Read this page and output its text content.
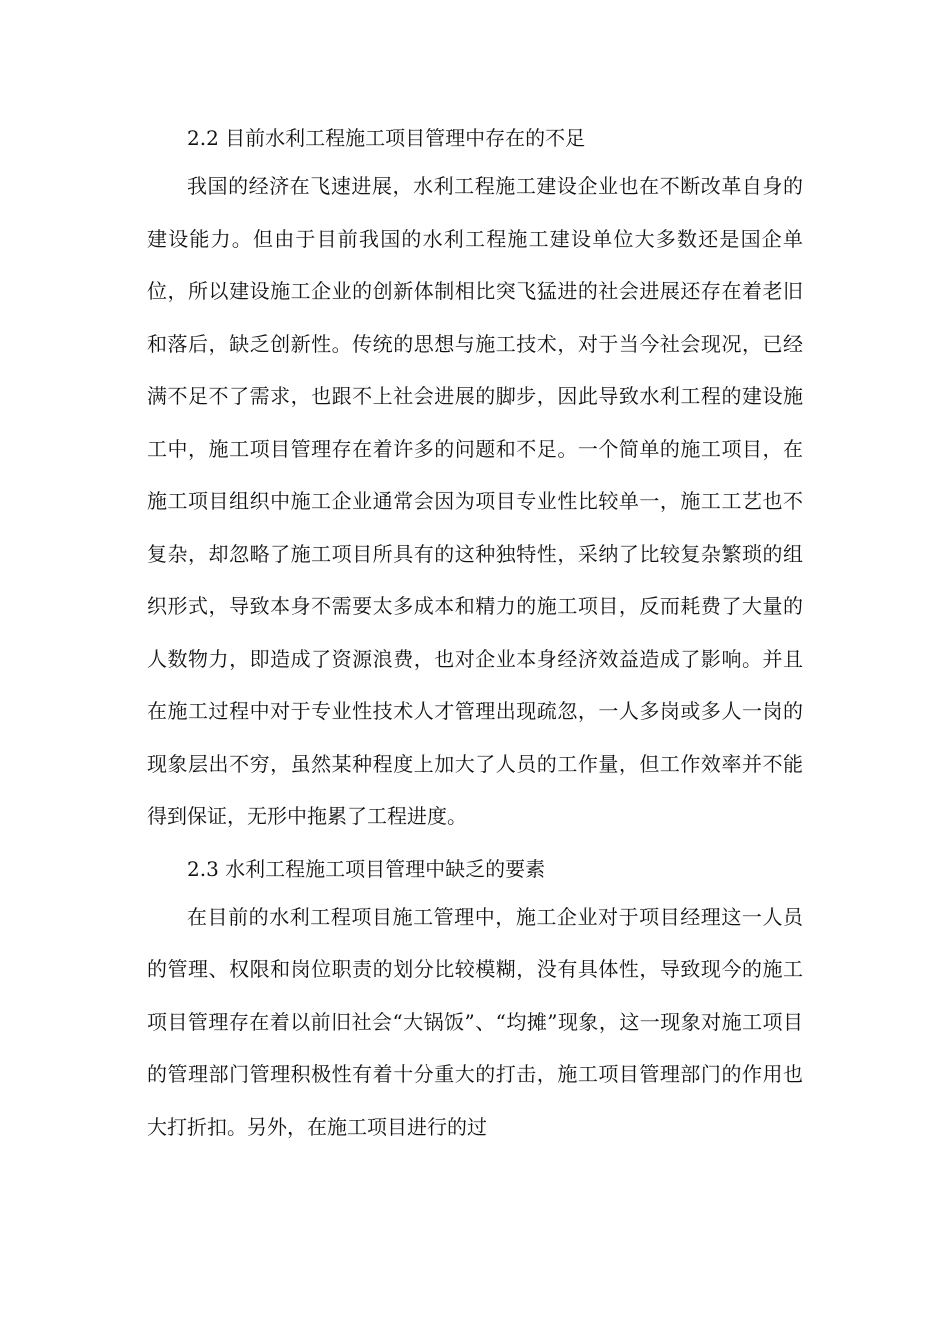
2.2 目前水利工程施工项目管理中存在的不足

我国的经济在飞速进展，水利工程施工建设企业也在不断改革自身的建设能力。但由于目前我国的水利工程施工建设单位大多数还是国企单位，所以建设施工企业的创新体制相比突飞猛进的社会进展还存在着老旧和落后，缺乏创新性。传统的思想与施工技术，对于当今社会现况，已经满不足不了需求，也跟不上社会进展的脚步，因此导致水利工程的建设施工中，施工项目管理存在着许多的问题和不足。一个简单的施工项目，在施工项目组织中施工企业通常会因为项目专业性比较单一，施工工艺也不复杂，却忽略了施工项目所具有的这种独特性，采纳了比较复杂繁琐的组织形式，导致本身不需要太多成本和精力的施工项目，反而耗费了大量的人数物力，即造成了资源浪费，也对企业本身经济效益造成了影响。并且在施工过程中对于专业性技术人才管理出现疏忽，一人多岗或多人一岗的现象层出不穷，虽然某种程度上加大了人员的工作量，但工作效率并不能得到保证，无形中拖累了工程进度。

2.3 水利工程施工项目管理中缺乏的要素

在目前的水利工程项目施工管理中，施工企业对于项目经理这一人员的管理、权限和岗位职责的划分比较模糊，没有具体性，导致现今的施工项目管理存在着以前旧社会“大锅饭”、“均摊”现象，这一现象对施工项目的管理部门管理积极性有着十分重大的打击，施工项目管理部门的作用也大打折扣。另外，在施工项目进行的过
